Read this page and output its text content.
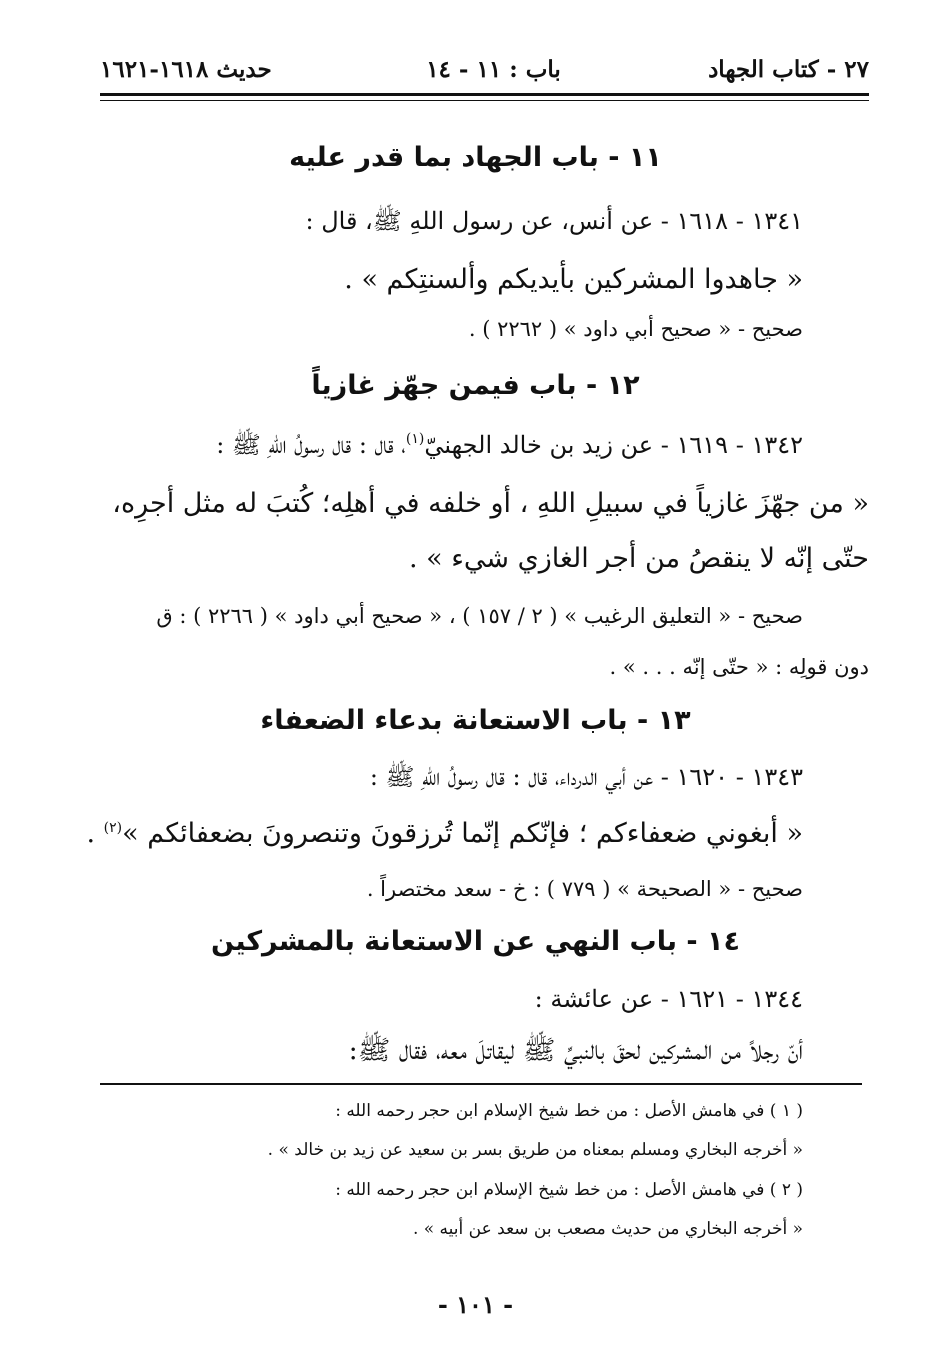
٢٧ - كتاب الجهاد
باب : ١١ - ١٤
حديث ١٦١٨-١٦٢١
١١ - باب الجهاد بما قدر عليه
١٣٤١ - ١٦١٨ - عن أنس، عن رسول اللهِ ﷺ، قال :
« جاهدوا المشركين بأيديكم وألسنتِكم » .
صحيح - « صحيح أبي داود » ( ٢٢٦٢ ) .
١٢ - باب فيمن جهّز غازياً
١٣٤٢ - ١٦١٩ - عن زيد بن خالد الجهنيّ$^{(١)}$، قال : قال رسولُ اللهِ ﷺ :
« من جهّزَ غازياً في سبيلِ اللهِ ، أو خلفه في أهلِه؛ كُتبَ له مثل أجرِه،
حتّى إنّه لا ينقصُ من أجر الغازي شيء » .
صحيح - « التعليق الرغيب » ( ٢ / ١٥٧ ) ، « صحيح أبي داود » ( ٢٢٦٦ ) : ق
دون قولِه : « حتّى إنّه . . . » .
١٣ - باب الاستعانة بدعاء الضعفاء
١٣٤٣ - ١٦٢٠ - عن أبي الدرداء، قال : قال رسولُ اللهِ ﷺ :
« أبغوني ضعفاءكم ؛ فإنّكم إنّما تُرزقونَ وتنصرونَ بضعفائكم »$^{(٢)}$ .
صحيح - « الصحيحة » ( ٧٧٩ ) : خ - سعد مختصراً .
١٤ - باب النهي عن الاستعانة بالمشركين
١٣٤٤ - ١٦٢١ - عن عائشة :
أنّ رجلاً من المشركين لحقَ بالنبيِّ ﷺ ليقاتلَ معه، فقال ﷺ:
( ١ ) في هامش الأصل : من خط شيخ الإسلام ابن حجر رحمه الله :
« أخرجه البخاري ومسلم بمعناه من طريق بسر بن سعيد عن زيد بن خالد » .
( ٢ ) في هامش الأصل : من خط شيخ الإسلام ابن حجر رحمه الله :
« أخرجه البخاري من حديث مصعب بن سعد عن أبيه » .
- ١٠١ -
